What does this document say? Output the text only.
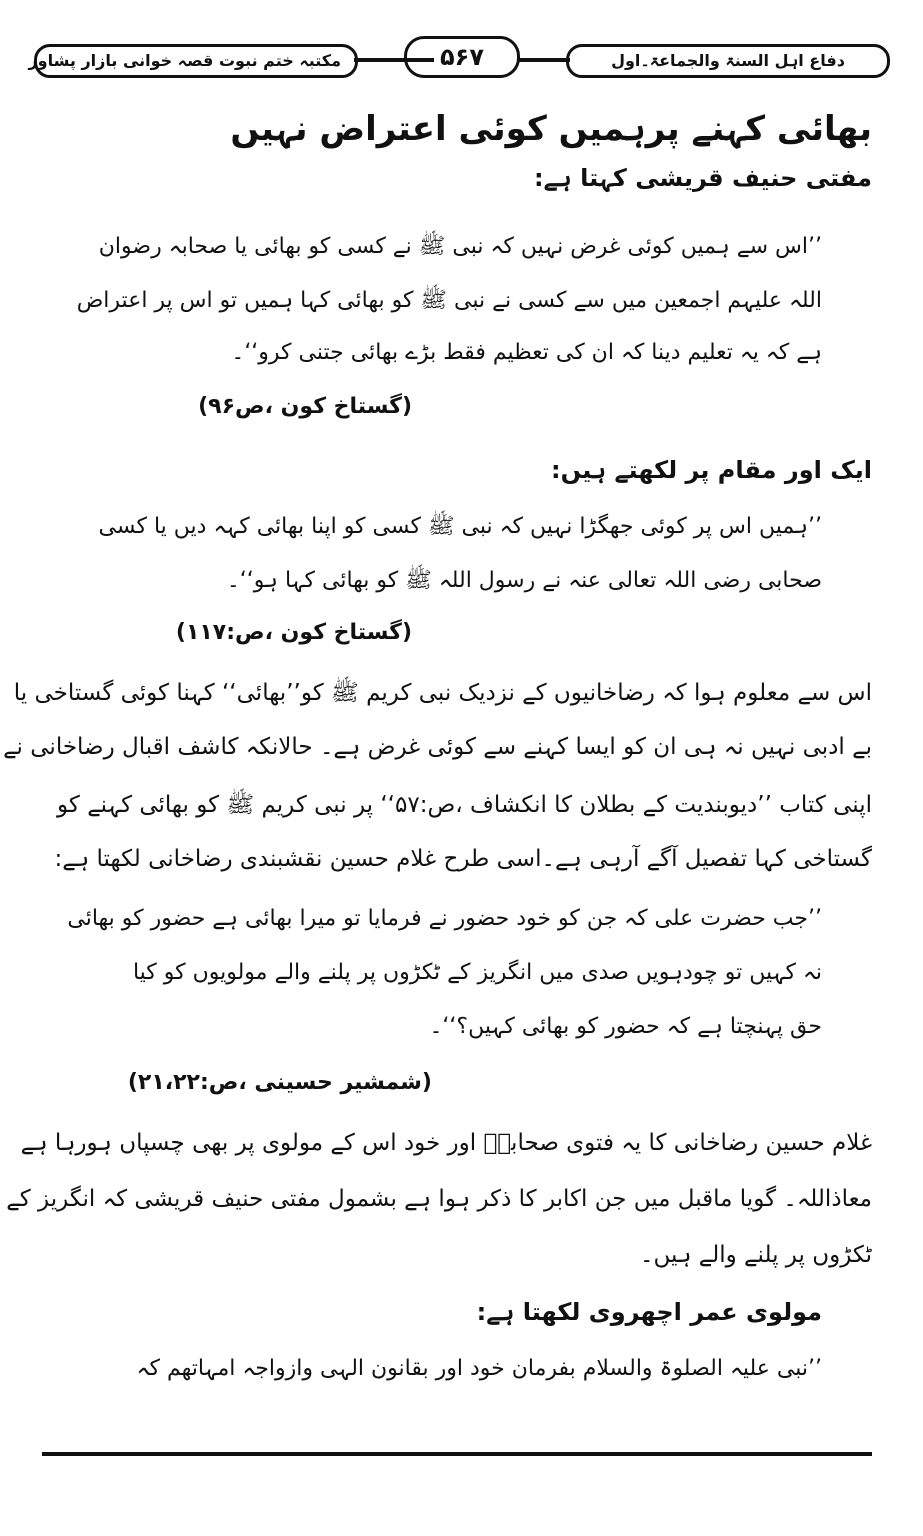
دفاع اہل السنۃ والجماعۃ۔اول
۵۶۷
مکتبہ ختم نبوت قصہ خوانی بازار پشاور
بھائی کہنے پرہمیں کوئی اعتراض نہیں
مفتی حنیف قریشی کہتا ہے:
’’اس سے ہمیں کوئی غرض نہیں کہ نبی ﷺ نے کسی کو بھائی یا صحابہ رضوان
اللہ علیہم اجمعین میں سے کسی نے نبی ﷺ کو بھائی کہا ہمیں تو اس پر اعتراض
ہے کہ یہ تعلیم دینا کہ ان کی تعظیم فقط بڑے بھائی جتنی کرو‘‘۔
(گستاخ کون ،ص۹۶)
ایک اور مقام پر لکھتے ہیں:
’’ہمیں اس پر کوئی جھگڑا نہیں کہ نبی ﷺ کسی کو اپنا بھائی کہہ دیں یا کسی
صحابی رضی اللہ تعالی عنہ نے رسول اللہ ﷺ کو بھائی کہا ہو‘‘۔
(گستاخ کون ،ص:۱۱۷)
اس سے معلوم ہوا کہ رضاخانیوں کے نزدیک نبی کریم ﷺ کو’’بھائی‘‘ کہنا کوئی گستاخی یا
بے ادبی نہیں نہ ہی ان کو ایسا کہنے سے کوئی غرض ہے۔ حالانکہ کاشف اقبال رضاخانی نے
اپنی کتاب ’’دیوبندیت کے بطلان کا انکشاف ،ص:۵۷‘‘ پر نبی کریم ﷺ کو بھائی کہنے کو
گستاخی کہا تفصیل آگے آرہی ہے۔اسی طرح غلام حسین نقشبندی رضاخانی لکھتا ہے:
’’جب حضرت علی کہ جن کو خود حضور نے فرمایا تو میرا بھائی ہے حضور کو بھائی
نہ کہیں تو چودہویں صدی میں انگریز کے ٹکڑوں پر پلنے والے مولویوں کو کیا
حق پہنچتا ہے کہ حضور کو بھائی کہیں؟‘‘۔
(شمشیر حسینی ،ص:۲۱،۲۲)
غلام حسین رضاخانی کا یہ فتوی صحابہؓ اور خود اس کے مولوی پر بھی چسپاں ہورہا ہے
معاذاللہ۔ گویا ماقبل میں جن اکابر کا ذکر ہوا ہے بشمول مفتی حنیف قریشی کہ انگریز کے
ٹکڑوں پر پلنے والے ہیں۔
مولوی عمر اچھروی لکھتا ہے:
’’نبی علیہ الصلوۃ والسلام بفرمان خود اور بقانون الہی وازواجہ امہاتھم کہ
